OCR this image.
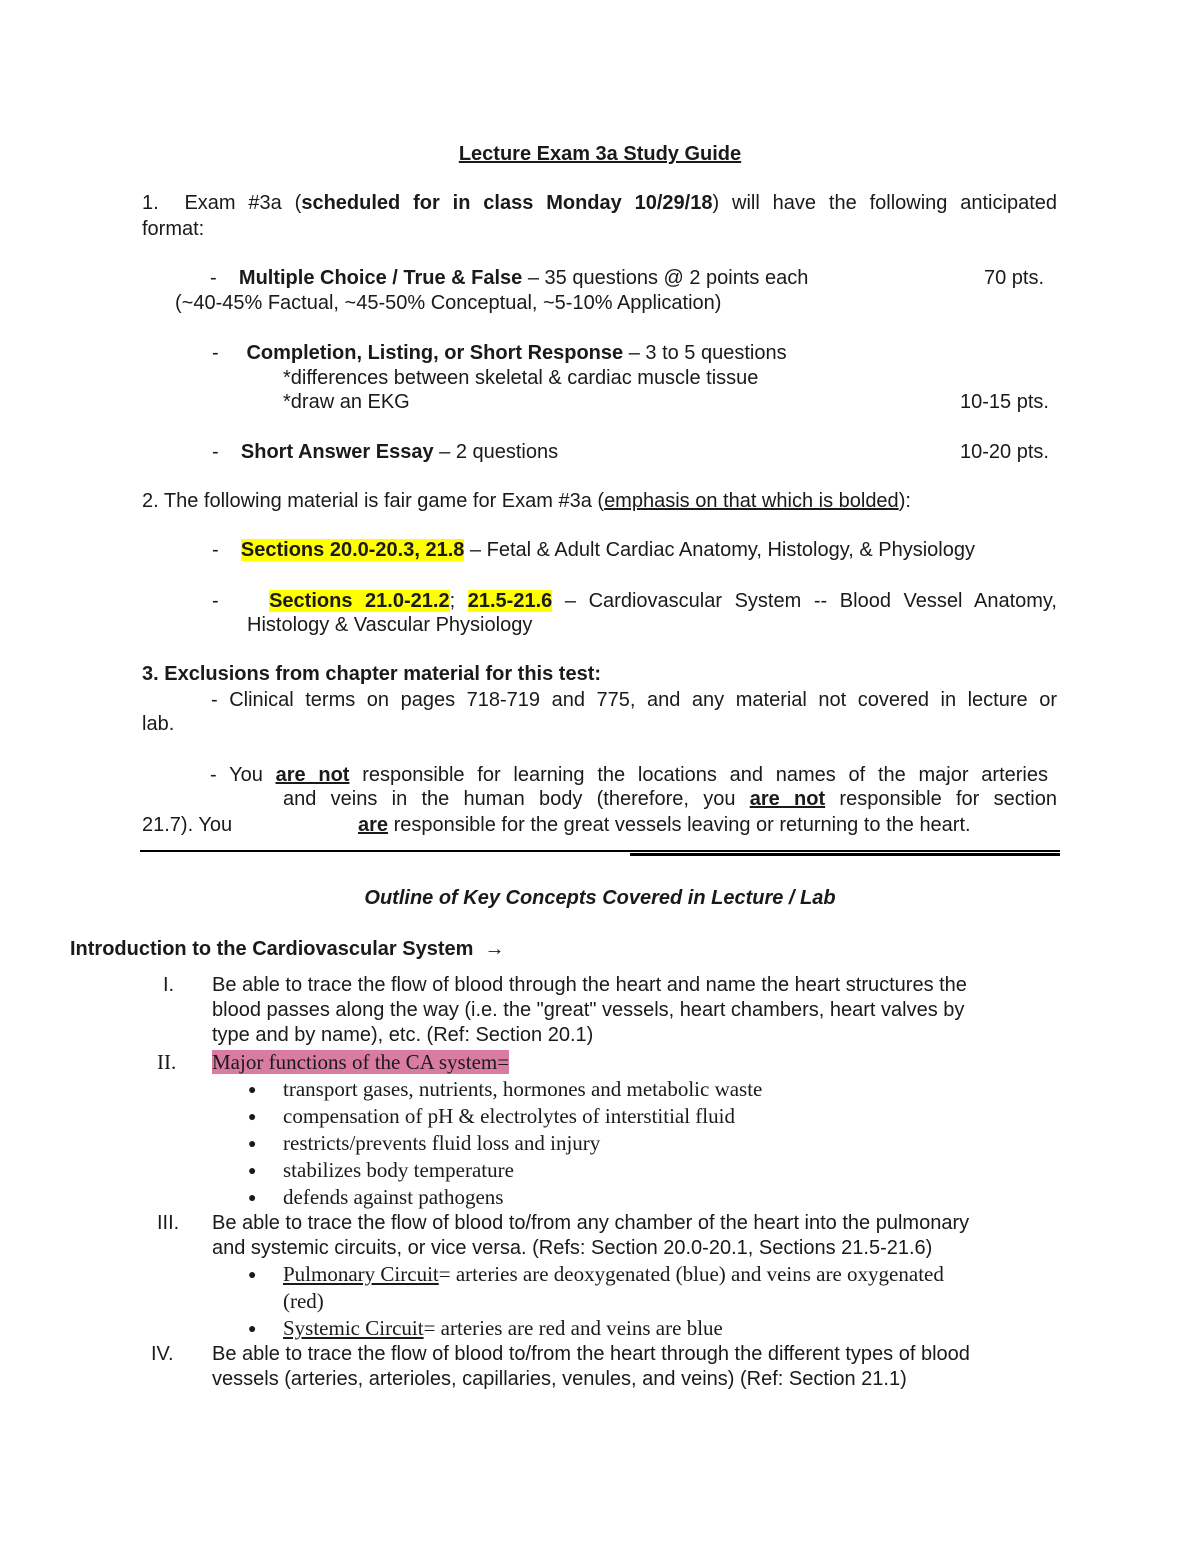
Lecture Exam 3a Study Guide
1. Exam #3a (scheduled for in class Monday 10/29/18) will have the following anticipated
format:
- Multiple Choice / True & False – 35 questions @ 2 points each	70 pts.
(~40-45% Factual, ~45-50% Conceptual, ~5-10% Application)
- Completion, Listing, or Short Response – 3 to 5 questions
*differences between skeletal & cardiac muscle tissue
*draw an EKG	10-15 pts.
- Short Answer Essay – 2 questions	10-20 pts.
2. The following material is fair game for Exam #3a (emphasis on that which is bolded):
- Sections 20.0-20.3, 21.8 – Fetal & Adult Cardiac Anatomy, Histology, & Physiology
-	Sections 21.0-21.2; 21.5-21.6 – Cardiovascular System -- Blood Vessel Anatomy,
Histology & Vascular Physiology
3. Exclusions from chapter material for this test:
- Clinical terms on pages 718-719 and 775, and any material not covered in lecture or
lab.
- You are not responsible for learning the locations and names of the major arteries
and veins in the human body (therefore, you are not responsible for section
21.7). You	are responsible for the great vessels leaving or returning to the heart.
Outline of Key Concepts Covered in Lecture / Lab
Introduction to the Cardiovascular System →
I. Be able to trace the flow of blood through the heart and name the heart structures the
blood passes along the way (i.e. the "great" vessels, heart chambers, heart valves by
type and by name), etc. (Ref: Section 20.1)
II. Major functions of the CA system=
● transport gases, nutrients, hormones and metabolic waste
● compensation of pH & electrolytes of interstitial fluid
● restricts/prevents fluid loss and injury
● stabilizes body temperature
● defends against pathogens
III. Be able to trace the flow of blood to/from any chamber of the heart into the pulmonary
and systemic circuits, or vice versa. (Refs: Section 20.0-20.1, Sections 21.5-21.6)
● Pulmonary Circuit= arteries are deoxygenated (blue) and veins are oxygenated
(red)
● Systemic Circuit= arteries are red and veins are blue
IV. Be able to trace the flow of blood to/from the heart through the different types of blood
vessels (arteries, arterioles, capillaries, venules, and veins) (Ref: Section 21.1)
